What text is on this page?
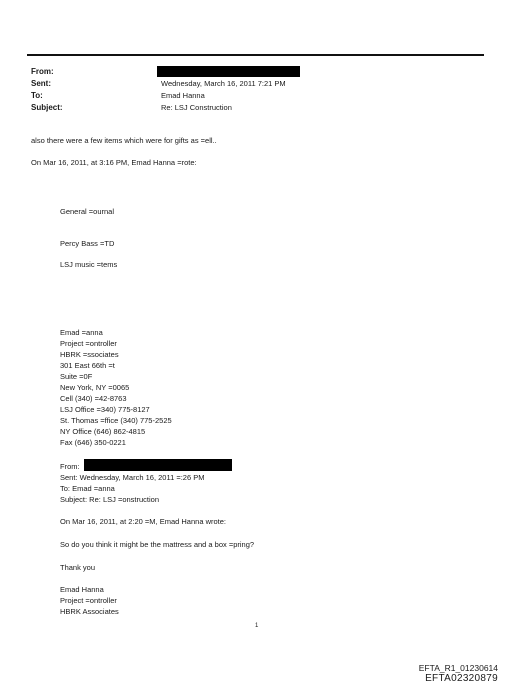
From:
Sent:	Wednesday, March 16, 2011 7:21 PM
To:	Emad Hanna
Subject:	Re: LSJ Construction
also there were a few items which were for gifts as =ell..
On Mar 16, 2011, at 3:16 PM, Emad Hanna =rote:
General =ournal
Percy Bass =TD
LSJ music =tems
Emad =anna
Project =ontroller
HBRK =ssociates
301 East 66th =t
Suite =0F
New York, NY =0065
Cell (340) =42-8763
LSJ Office =340) 775-8127
St. Thomas =ffice (340) 775-2525
NY Office (646) 862-4815
Fax (646) 350-0221
From:
Sent: Wednesday, March 16, 2011 =:26 PM
To: Emad =anna
Subject: Re: LSJ =onstruction
On Mar 16, 2011, at 2:20 =M, Emad Hanna wrote:
So do you think it might be the mattress and a box =pring?
Thank you
Emad Hanna
Project =ontroller
HBRK Associates
1
EFTA_R1_01230614
EFTA02320879
